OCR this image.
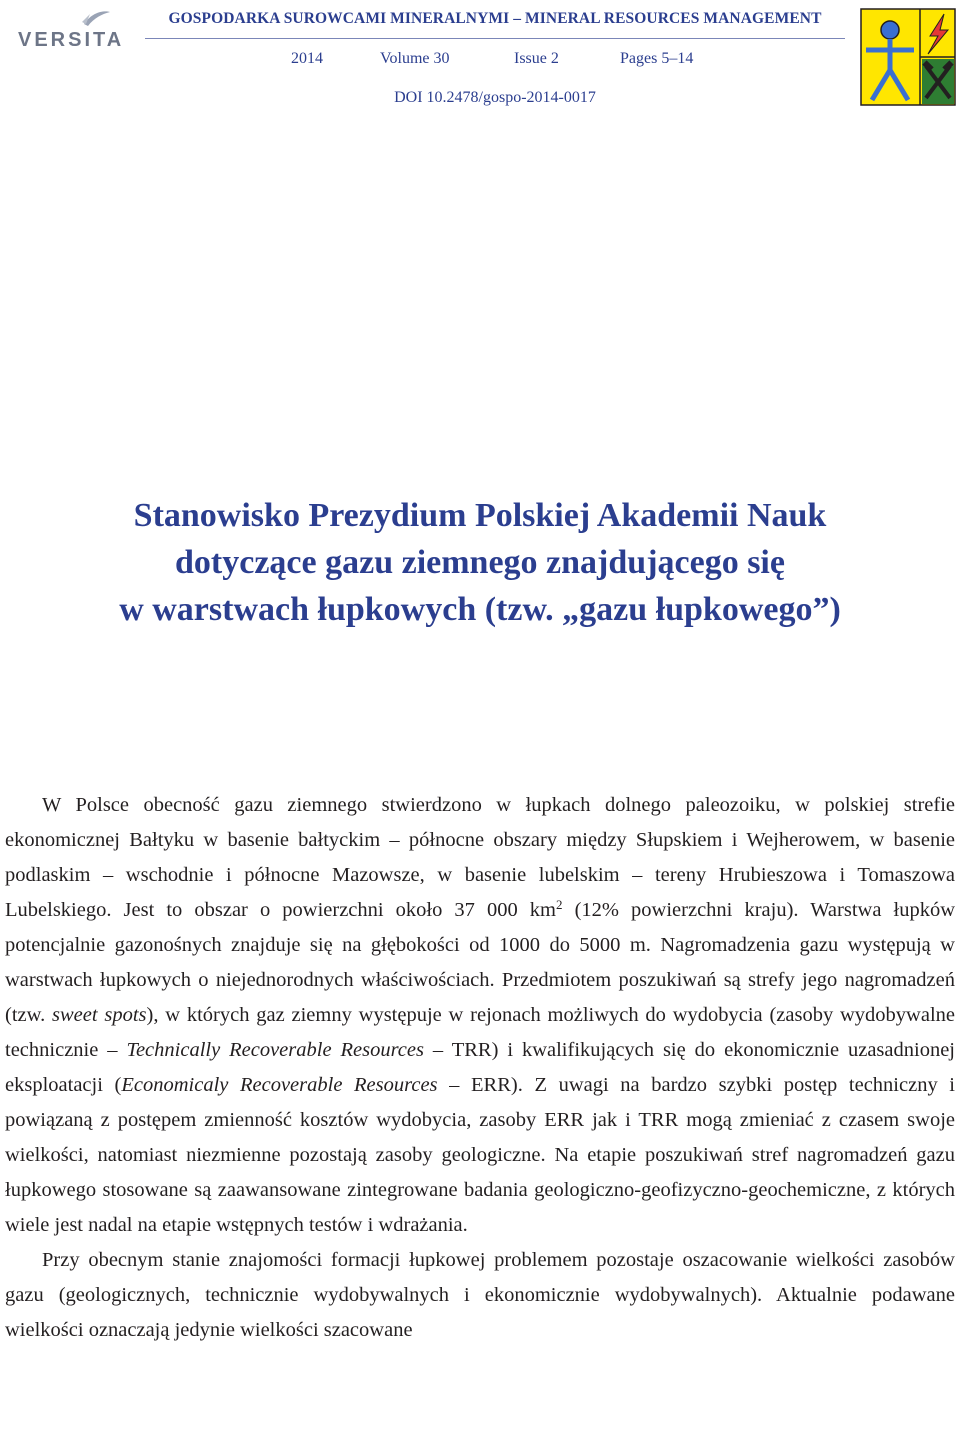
VERSITA
GOSPODARKA SUROWCAMI MINERALNYMI – MINERAL RESOURCES MANAGEMENT
2014	Volume 30	Issue 2	Pages 5–14
DOI 10.2478/gospo-2014-0017
Stanowisko Prezydium Polskiej Akademii Nauk
dotyczące gazu ziemnego znajdującego się
w warstwach łupkowych (tzw. „gazu łupkowego”)

W Polsce obecność gazu ziemnego stwierdzono w łupkach dolnego paleozoiku, w polskiej strefie ekonomicznej Bałtyku w basenie bałtyckim – północne obszary między Słupskiem i Wejherowem, w basenie podlaskim – wschodnie i północne Mazowsze, w basenie lubelskim – tereny Hrubieszowa i Tomaszowa Lubelskiego. Jest to obszar o powierzchni około 37 000 $km^2$ (12% powierzchni kraju). Warstwa łupków potencjalnie gazonośnych znajduje się na głębokości od 1000 do 5000 m. Nagromadzenia gazu występują w warstwach łupkowych o niejednorodnych właściwościach. Przedmiotem poszukiwań są strefy jego nagromadzeń (tzw. sweet spots), w których gaz ziemny występuje w rejonach możliwych do wydobycia (zasoby wydobywalne technicznie – Technically Recoverable Resources – TRR) i kwalifikujących się do ekonomicznie uzasadnionej eksploatacji (Economicaly Recoverable Resources – ERR). Z uwagi na bardzo szybki postęp techniczny i powiązaną z postępem zmienność kosztów wydobycia, zasoby ERR jak i TRR mogą zmieniać z czasem swoje wielkości, natomiast niezmienne pozostają zasoby geologiczne. Na etapie poszukiwań stref nagromadzeń gazu łupkowego stosowane są zaawansowane zintegrowane badania geologiczno-geofizyczno-geochemiczne, z których wiele jest nadal na etapie wstępnych testów i wdrażania.

Przy obecnym stanie znajomości formacji łupkowej problemem pozostaje oszacowanie wielkości zasobów gazu (geologicznych, technicznie wydobywalnych i ekonomicznie wydobywalnych). Aktualnie podawane wielkości oznaczają jedynie wielkości szacowane
